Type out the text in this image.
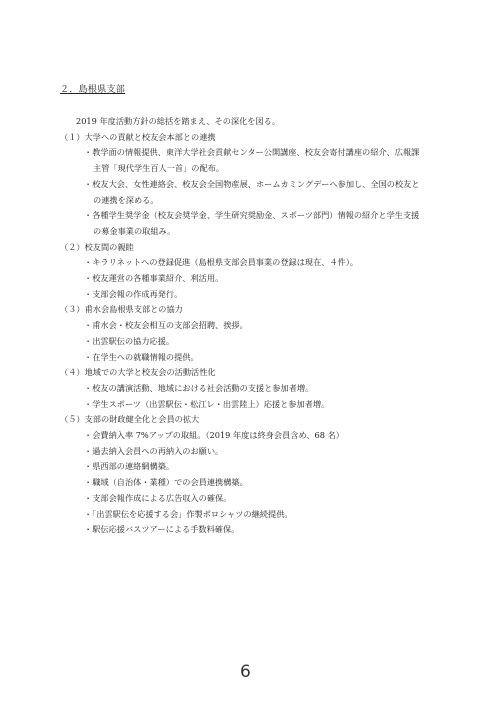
２．島根県支部
2019 年度活動方針の総括を踏まえ、その深化を図る。
（１）大学への貢献と校友会本部との連携
・教学面の情報提供、東洋大学社会貢献センター公開講座、校友会寄付講座の紹介、広報課
主管「現代学生百人一首」の配布。
・校友大会、女性連絡会、校友会全国物産展、ホームカミングデーへ参加し、全国の校友と
の連携を深める。
・各種学生奨学金（校友会奨学金、学生研究奨励金、スポーツ部門）情報の紹介と学生支援
の募金事業の取組み。
（２）校友間の親睦
・キラリネットへの登録促進（島根県支部会員事業の登録は現在、４件）。
・校友運営の各種事業紹介、利活用。
・支部会報の作成再発行。
（３）甫水会島根県支部との協力
・甫水会・校友会相互の支部会招聘、挨拶。
・出雲駅伝の協力応援。
・在学生への就職情報の提供。
（４）地域での大学と校友会の活動活性化
・校友の講演活動、地域における社会活動の支援と参加者増。
・学生スポーツ（出雲駅伝・松江レ・出雲陸上）応援と参加者増。
（５）支部の財政健全化と会員の拡大
・会費納入率 7%アップの取組。（2019 年度は終身会員含め、68 名）
・過去納入会員への再納入のお願い。
・県西部の連絡網構築。
・職域（自治体・業種）での会員連携構築。
・支部会報作成による広告収入の確保。
・「出雲駅伝を応援する会」作製ポロシャツの継続提供。
・駅伝応援バスツアーによる手数料確保。
6
